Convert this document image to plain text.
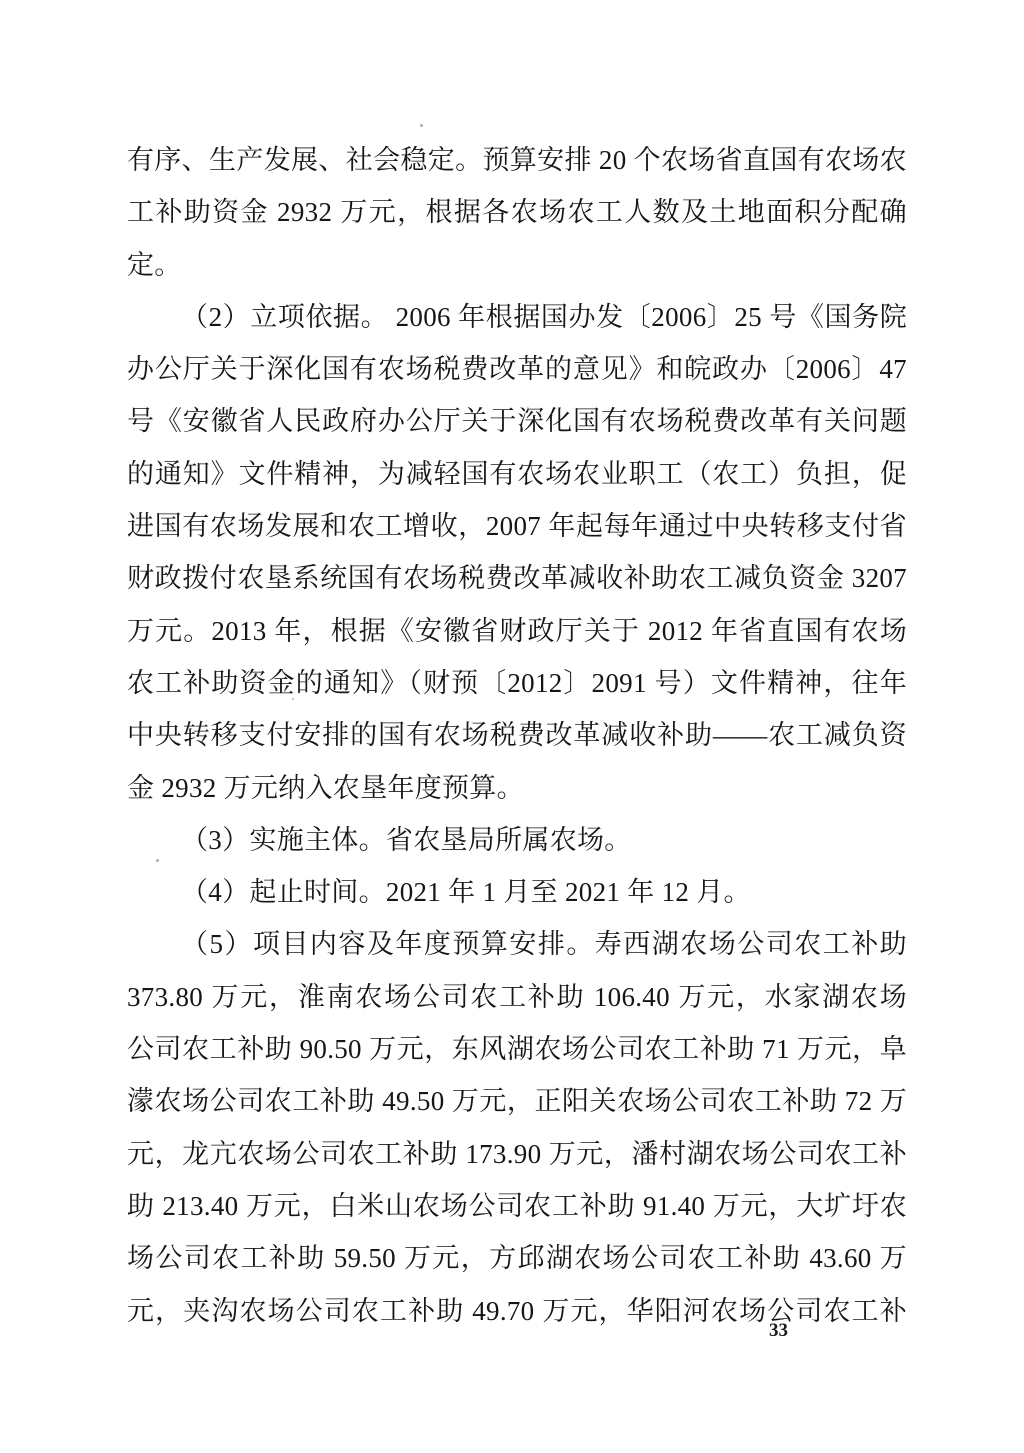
有序、生产发展、社会稳定。预算安排 20 个农场省直国有农场农
工补助资金 2932 万元，根据各农场农工人数及土地面积分配确
定。
（2）立项依据。 2006 年根据国办发〔2006〕25 号《国务院
办公厅关于深化国有农场税费改革的意见》和皖政办〔2006〕47
号《安徽省人民政府办公厅关于深化国有农场税费改革有关问题
的通知》文件精神，为减轻国有农场农业职工（农工）负担，促
进国有农场发展和农工增收，2007 年起每年通过中央转移支付省
财政拨付农垦系统国有农场税费改革减收补助农工减负资金 3207
万元。2013 年，根据《安徽省财政厅关于 2012 年省直国有农场
农工补助资金的通知》（财预〔2012〕2091 号）文件精神，往年
中央转移支付安排的国有农场税费改革减收补助——农工减负资
金 2932 万元纳入农垦年度预算。
（3）实施主体。省农垦局所属农场。
（4）起止时间。2021 年 1 月至 2021 年 12 月。
（5）项目内容及年度预算安排。寿西湖农场公司农工补助
373.80 万元，淮南农场公司农工补助 106.40 万元，水家湖农场
公司农工补助 90.50 万元，东风湖农场公司农工补助 71 万元，阜
濛农场公司农工补助 49.50 万元，正阳关农场公司农工补助 72 万
元，龙亢农场公司农工补助 173.90 万元，潘村湖农场公司农工补
助 213.40 万元，白米山农场公司农工补助 91.40 万元，大圹圩农
场公司农工补助 59.50 万元，方邱湖农场公司农工补助 43.60 万
元，夹沟农场公司农工补助 49.70 万元，华阳河农场公司农工补
33
